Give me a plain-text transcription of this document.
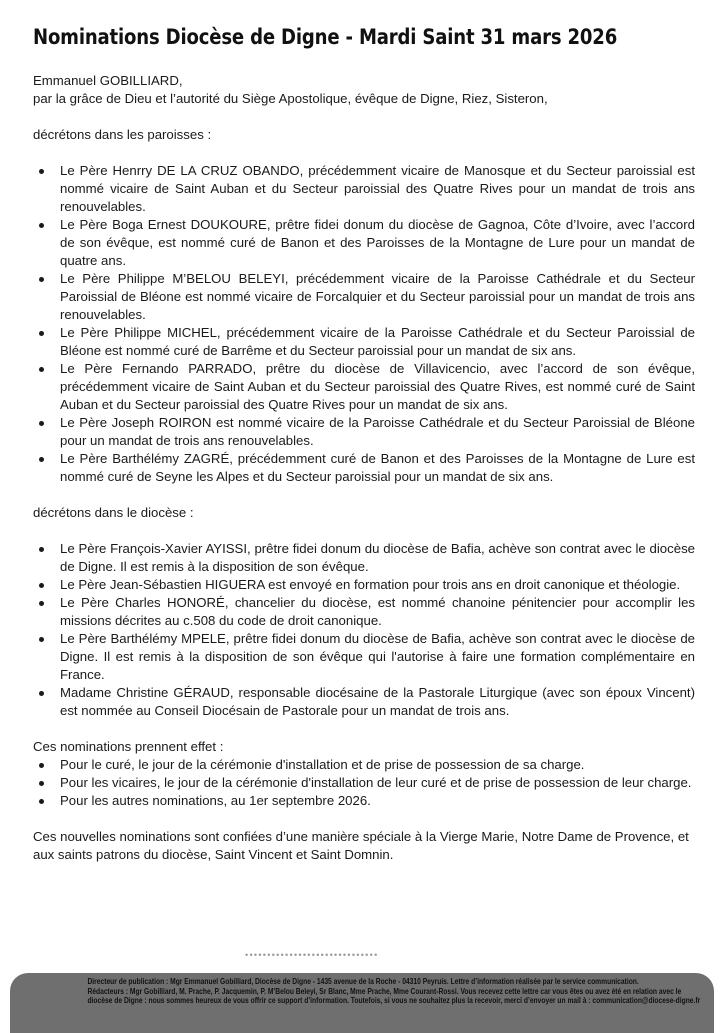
Nominations Diocèse de Digne - Mardi Saint 31 mars 2026

Emmanuel GOBILLIARD,

par la grâce de Dieu et l’autorité du Siège Apostolique, évêque de Digne, Riez, Sisteron,

décrétons dans les paroisses :

Le Père Henrry DE LA CRUZ OBANDO, précédemment vicaire de Manosque et du Secteur paroissial est nommé vicaire de Saint Auban et du Secteur paroissial des Quatre Rives pour un mandat de trois ans renouvelables.
Le Père Boga Ernest DOUKOURE, prêtre fidei donum du diocèse de Gagnoa, Côte d’Ivoire, avec l’accord de son évêque, est nommé curé de Banon et des Paroisses de la Montagne de Lure pour un mandat de quatre ans.
Le Père Philippe M’BELOU BELEYI, précédemment vicaire de la Paroisse Cathédrale et du Secteur Paroissial de Bléone est nommé vicaire de Forcalquier et du Secteur paroissial pour un mandat de trois ans renouvelables.
Le Père Philippe MICHEL, précédemment vicaire de la Paroisse Cathédrale et du Secteur Paroissial de Bléone est nommé curé de Barrême et du Secteur paroissial pour un mandat de six ans.
Le Père Fernando PARRADO, prêtre du diocèse de Villavicencio, avec l’accord de son évêque, précédemment vicaire de Saint Auban et du Secteur paroissial des Quatre Rives, est nommé curé de Saint Auban et du Secteur paroissial des Quatre Rives pour un mandat de six ans.
Le Père Joseph ROIRON est nommé vicaire de la Paroisse Cathédrale et du Secteur Paroissial de Bléone pour un mandat de trois ans renouvelables.
Le Père Barthélémy ZAGRÉ, précédemment curé de Banon et des Paroisses de la Montagne de Lure est nommé curé de Seyne les Alpes et du Secteur paroissial pour un mandat de six ans.

décrétons dans le diocèse :

Le Père François-Xavier AYISSI, prêtre fidei donum du diocèse de Bafia, achève son contrat avec le diocèse de Digne. Il est remis à la disposition de son évêque.
Le Père Jean-Sébastien HIGUERA est envoyé en formation pour trois ans en droit canonique et théologie.
Le Père Charles HONORÉ, chancelier du diocèse, est nommé chanoine pénitencier pour accomplir les missions décrites au c.508 du code de droit canonique.
Le Père Barthélémy MPELE, prêtre fidei donum du diocèse de Bafia, achève son contrat avec le diocèse de Digne. Il est remis à la disposition de son évêque qui l'autorise à faire une formation complémentaire en France.
Madame Christine GÉRAUD, responsable diocésaine de la Pastorale Liturgique (avec son époux Vincent) est nommée au Conseil Diocésain de Pastorale pour un mandat de trois ans.

Ces nominations prennent effet :

Pour le curé, le jour de la cérémonie d'installation et de prise de possession de sa charge.
Pour les vicaires, le jour de la cérémonie d'installation de leur curé et de prise de possession de leur charge.
Pour les autres nominations, au 1er septembre 2026.

Ces nouvelles nominations sont confiées d’une manière spéciale à la Vierge Marie, Notre Dame de Provence, et aux saints patrons du diocèse, Saint Vincent et Saint Domnin.

••••••••••••••••••••••••••••••
Directeur de publication : Mgr Emmanuel Gobilliard, Diocèse de Digne - 1435 avenue de la Roche - 04310 Peyruis. Lettre d’information réalisée par le service communication.
Rédacteurs : Mgr Gobilliard, M. Prache, P. Jacquemin, P. M’Belou Beleyi, Sr Blanc, Mme Prache, Mme Courant-Rossi. Vous recevez cette lettre car vous êtes ou avez été en relation avec le
diocèse de Digne : nous sommes heureux de vous offrir ce support d’information. Toutefois, si vous ne souhaitez plus la recevoir, merci d’envoyer un mail à : communication@diocese-digne.fr
